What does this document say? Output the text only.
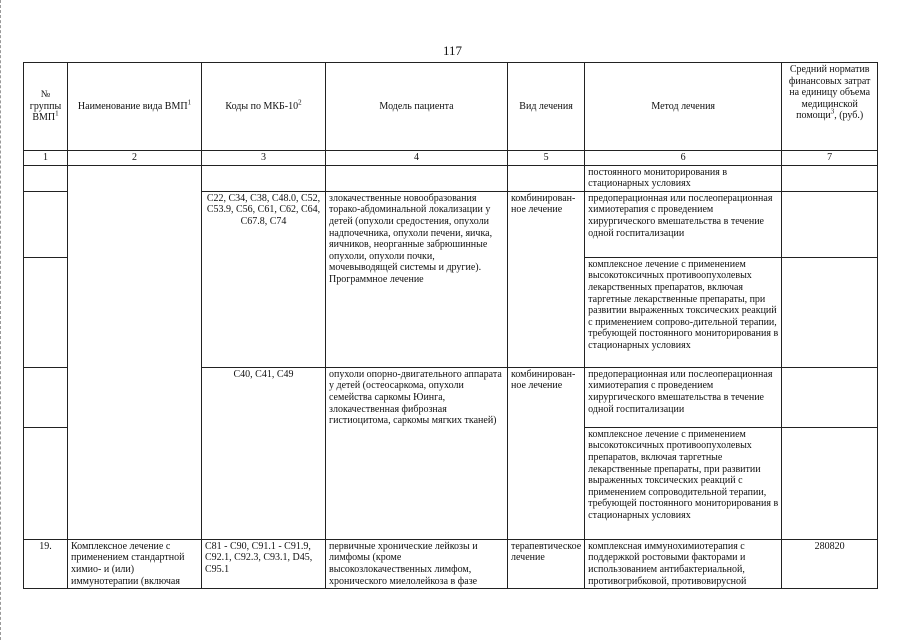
117
№ группы ВМП$^1$	Наименование вида ВМП$^1$	Коды по МКБ-$10^2$	Модель пациента	Вид лечения	Метод лечения	Средний норматив финансовых затрат на единицу объема медицинской помощи$^3$, (руб.)
1	2	3	4	5	6	7
					постоянного мониторирования в стационарных условиях	
		C22, C34, C38, C48.0, C52, C53.9, C56, C61, C62, C64, C67.8, C74	злокачественные новообразования торако-абдоминальной локализации у детей (опухоли средостения, опухоли надпочечника, опухоли печени, яичка, яичников, неорганные забрюшинные опухоли, опухоли почки, мочевыводящей системы и другие). Программное лечение	комбинирован-ное лечение	предоперационная или послеоперационная химиотерапия с проведением хирургического вмешательства в течение одной госпитализации	
					комплексное лечение с применением высокотоксичных противоопухолевых лекарственных препаратов, включая таргетные лекарственные препараты, при развитии выраженных токсических реакций с применением сопрово-дительной терапии, требующей постоянного мониторирования в стационарных условиях	
		C40, C41, C49	опухоли опорно-двигательного аппарата у детей (остеосаркома, опухоли семейства саркомы Юинга, злокачественная фиброзная гистиоцитома, саркомы мягких тканей)	комбинирован-ное лечение	предоперационная или послеоперационная химиотерапия с проведением хирургического вмешательства в течение одной госпитализации	
					комплексное лечение с применением высокотоксичных противоопухолевых препаратов, включая таргетные лекарственные препараты, при развитии выраженных токсических реакций с применением сопроводительной терапии, требующей постоянного мониторирования в стационарных условиях	
19.	Комплексное лечение с применением стандартной химио- и (или) иммунотерапии (включая	C81 - C90, C91.1 - C91.9, C92.1, C92.3, C93.1, D45, C95.1	первичные хронические лейкозы и лимфомы (кроме высокозлокачественных лимфом, хронического миелолейкоза в фазе	терапевтическое лечение	комплексная иммунохимиотерапия с поддержкой ростовыми факторами и использованием антибактериальной, противогрибковой, противовирусной	280820
